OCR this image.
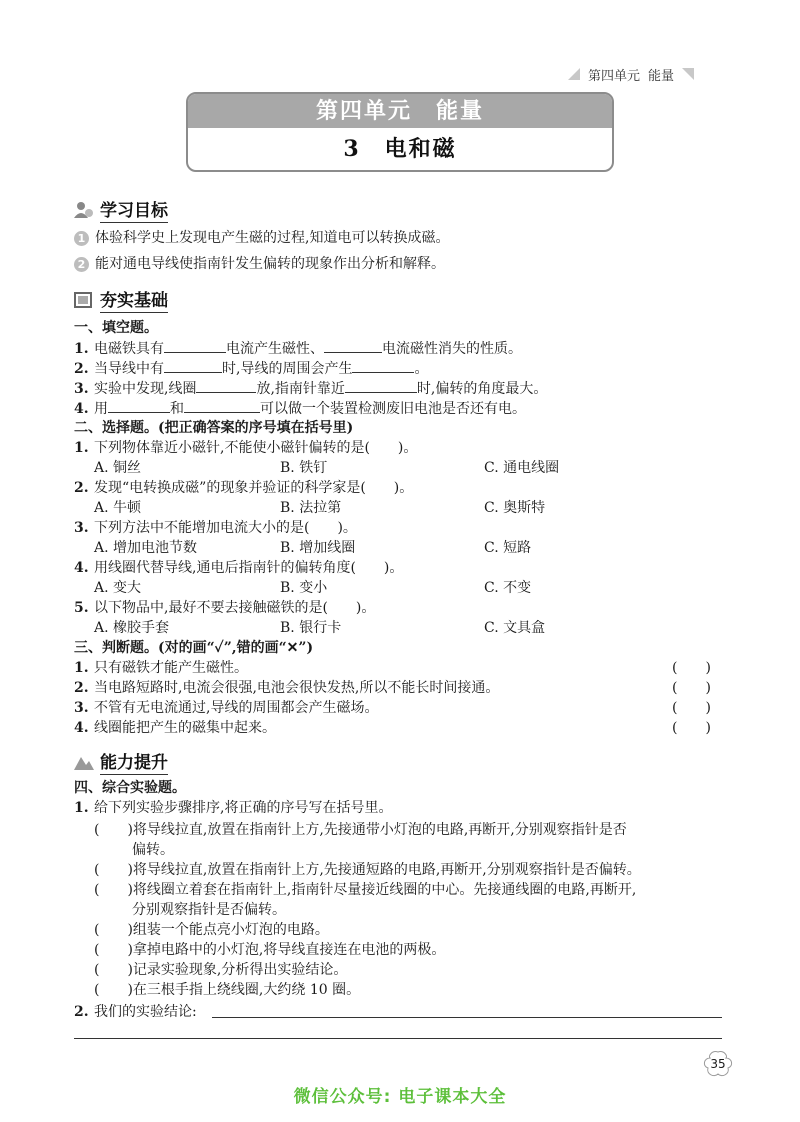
第四单元 能量
第四单元　能量
3　电和磁
学习目标
1 体验科学史上发现电产生磁的过程,知道电可以转换成磁。
2 能对通电导线使指南针发生偏转的现象作出分析和解释。
夯实基础
一、填空题。
1. 电磁铁具有	电流产生磁性、	电流磁性消失的性质。
2. 当导线中有	时,导线的周围会产生	。
3. 实验中发现,线圈	放,指南针靠近	时,偏转的角度最大。
4. 用	和	可以做一个装置检测废旧电池是否还有电。
二、选择题。(把正确答案的序号填在括号里)
1. 下列物体靠近小磁针,不能使小磁针偏转的是(　　)。
A. 铜丝	B. 铁钉	C. 通电线圈
2. 发现“电转换成磁”的现象并验证的科学家是(　　)。
A. 牛顿	B. 法拉第	C. 奥斯特
3. 下列方法中不能增加电流大小的是(　　)。
A. 增加电池节数	B. 增加线圈	C. 短路
4. 用线圈代替导线,通电后指南针的偏转角度(　　)。
A. 变大	B. 变小	C. 不变
5. 以下物品中,最好不要去接触磁铁的是(　　)。
A. 橡胶手套	B. 银行卡	C. 文具盒
三、判断题。(对的画“✓”,错的画“✕”)
1. 只有磁铁才能产生磁性。	(　　)
2. 当电路短路时,电流会很强,电池会很快发热,所以不能长时间接通。	(　　)
3. 不管有无电流通过,导线的周围都会产生磁场。	(　　)
4. 线圈能把产生的磁集中起来。	(　　)
能力提升
四、综合实验题。
1. 给下列实验步骤排序,将正确的序号写在括号里。
(　　)将导线拉直,放置在指南针上方,先接通带小灯泡的电路,再断开,分别观察指针是否
偏转。
(　　)将导线拉直,放置在指南针上方,先接通短路的电路,再断开,分别观察指针是否偏转。
(　　)将线圈立着套在指南针上,指南针尽量接近线圈的中心。先接通线圈的电路,再断开,
分别观察指针是否偏转。
(　　)组装一个能点亮小灯泡的电路。
(　　)拿掉电路中的小灯泡,将导线直接连在电池的两极。
(　　)记录实验现象,分析得出实验结论。
(　　)在三根手指上绕线圈,大约绕 10 圈。
2. 我们的实验结论:
35
微信公众号: 电子课本大全
